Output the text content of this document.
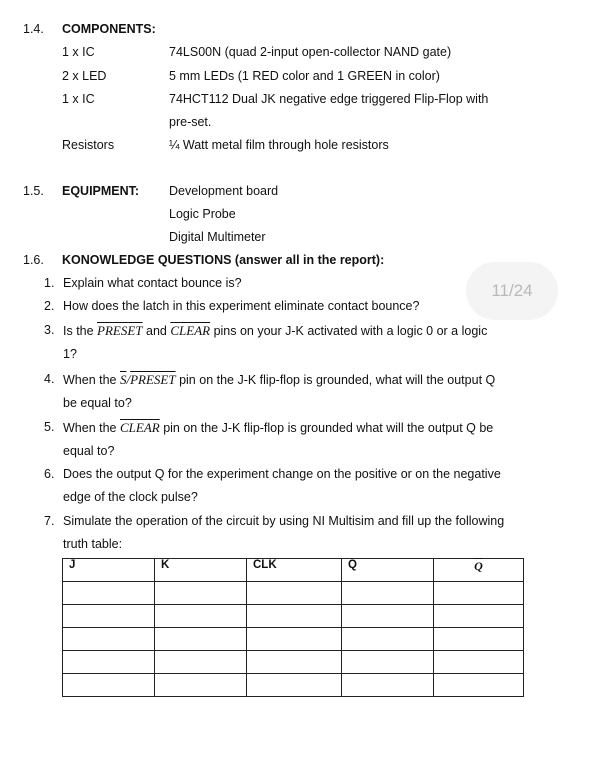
1.4. COMPONENTS:
1 x IC	74LS00N (quad 2-input open-collector NAND gate)
2 x LED	5 mm LEDs (1 RED color and 1 GREEN in color)
1 x IC	74HCT112 Dual JK negative edge triggered Flip-Flop with
pre-set.
Resistors	¼ Watt metal film through hole resistors
1.5. EQUIPMENT: Development board
Logic Probe
Digital Multimeter
1.6. KONOWLEDGE QUESTIONS (answer all in the report):
1. Explain what contact bounce is?
2. How does the latch in this experiment eliminate contact bounce?
11/24
3. Is the PRESET and CLEAR pins on your J-K activated with a logic 0 or a logic
1?
4. When the $\overline{S}$/PRESET pin on the J-K flip-flop is grounded, what will the output Q
be equal to?
5. When the CLEAR pin on the J-K flip-flop is grounded what will the output Q be
equal to?
6. Does the output Q for the experiment change on the positive or on the negative
edge of the clock pulse?
7. Simulate the operation of the circuit by using NI Multisim and fill up the following
truth table:
J	K	CLK	Q	$\overline{Q}$
